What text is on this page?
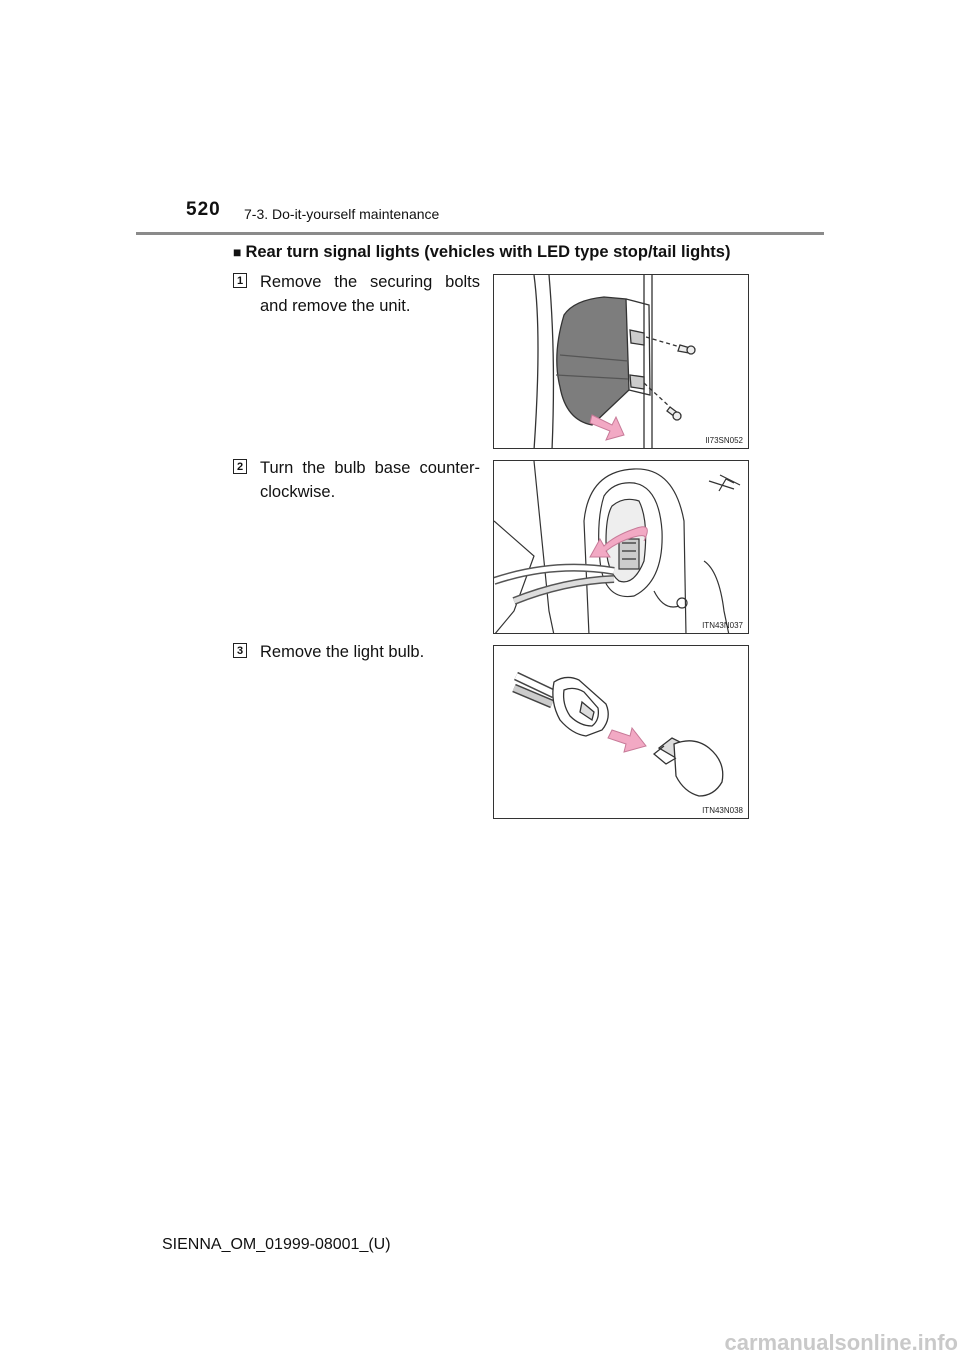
520 7-3. Do-it-yourself maintenance
■ Rear turn signal lights (vehicles with LED type stop/tail lights)
1 Remove the securing bolts and remove the unit.
II73SN052
2 Turn the bulb base counter-clockwise.
ITN43N037
3 Remove the light bulb.
ITN43N038
SIENNA_OM_01999-08001_(U)
carmanualsonline.info
